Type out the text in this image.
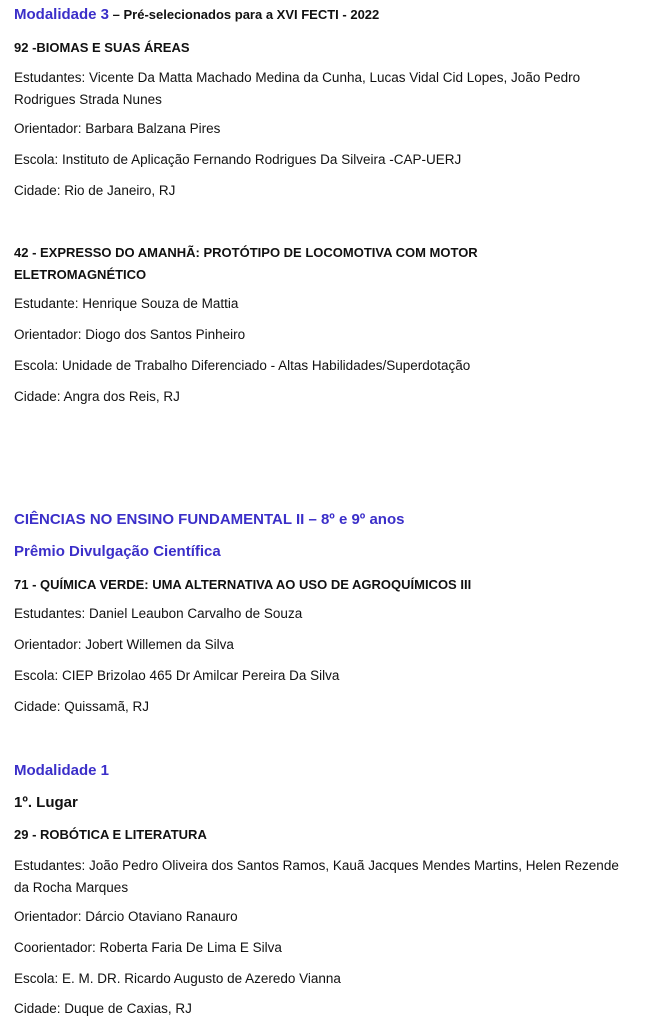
Modalidade 3 – Pré-selecionados para a XVI FECTI - 2022
92 -BIOMAS E SUAS ÁREAS
Estudantes: Vicente Da Matta Machado Medina da Cunha, Lucas Vidal Cid Lopes, João Pedro Rodrigues Strada Nunes
Orientador: Barbara Balzana Pires
Escola: Instituto de Aplicação Fernando Rodrigues Da Silveira -CAP-UERJ
Cidade: Rio de Janeiro, RJ
42 - EXPRESSO DO AMANHÃ: PROTÓTIPO DE LOCOMOTIVA COM MOTOR
ELETROMAGNÉTICO
Estudante: Henrique Souza de Mattia
Orientador: Diogo dos Santos Pinheiro
Escola: Unidade de Trabalho Diferenciado - Altas Habilidades/Superdotação
Cidade: Angra dos Reis, RJ
CIÊNCIAS NO ENSINO FUNDAMENTAL II – 8º e 9º anos
Prêmio Divulgação Científica
71 - QUÍMICA VERDE: UMA ALTERNATIVA AO USO DE AGROQUÍMICOS III
Estudantes: Daniel Leaubon Carvalho de Souza
Orientador: Jobert Willemen da Silva
Escola: CIEP Brizolao 465 Dr Amilcar Pereira Da Silva
Cidade: Quissamã, RJ
Modalidade 1
1º. Lugar
29 - ROBÓTICA E LITERATURA
Estudantes: João Pedro Oliveira dos Santos Ramos, Kauã Jacques Mendes Martins, Helen Rezende da Rocha Marques
Orientador: Dárcio Otaviano Ranauro
Coorientador: Roberta Faria De Lima E Silva
Escola: E. M. DR. Ricardo Augusto de Azeredo Vianna
Cidade: Duque de Caxias, RJ
